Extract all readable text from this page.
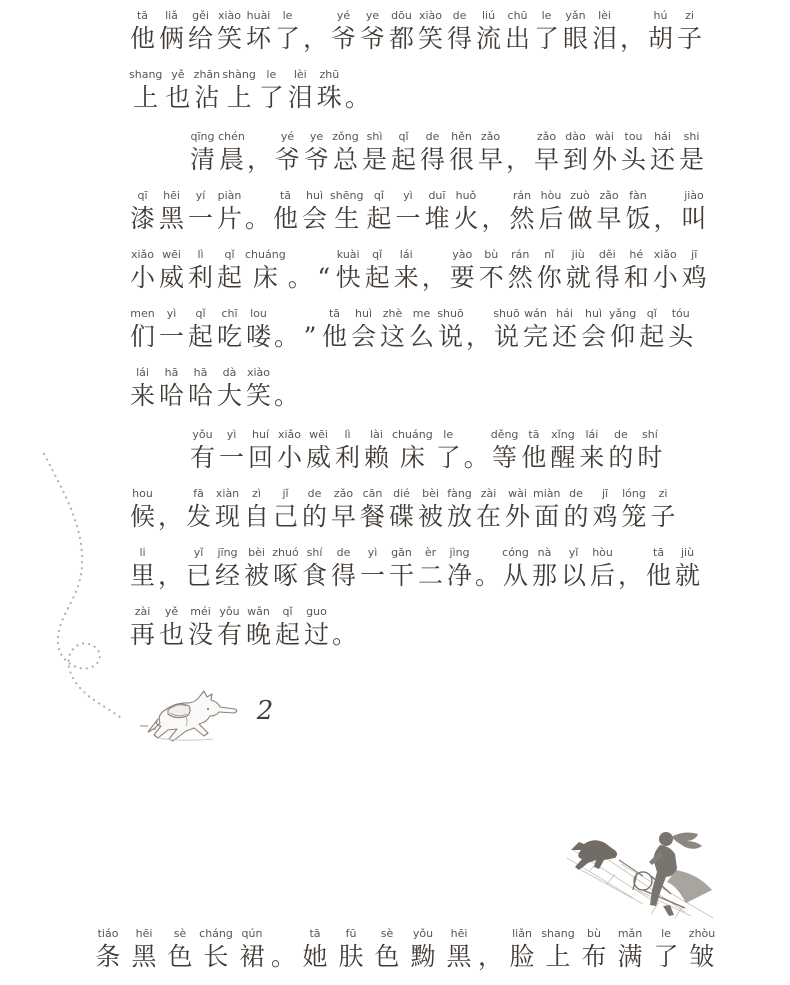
tā
他
liǎ
俩
gěi
给
xiào
笑
huài
坏
le
了 ，
yé
爷
ye
爷
dōu
都
xiào
笑
de
得
liú
流
chū
出
le
了
yǎn
眼
lèi
泪 ，
hú
胡
zi
子
shang
上
yě
也
zhān
沾
shàng
上
le
了
lèi
泪
zhū
珠 。
qīng
清
chén
晨 ，
yé
爷
ye
爷
zǒng
总
shì
是
qǐ
起
de
得
hěn
很
zǎo
早 ，
zǎo
早
dào
到
wài
外
tou
头
hái
还
shi
是
qī
漆
hēi
黑
yí
一
piàn
片 。
tā
他
huì
会
shēng
生
qǐ
起
yì
一
duī
堆
huǒ
火 ，
rán
然
hòu
后
zuò
做
zǎo
早
fàn
饭 ，
jiào
叫
xiǎo
小
wēi
威
lì
利
qǐ
起
chuáng
床 。 “
kuài
快
qǐ
起
lái
来 ，
yào
要
bù
不
rán
然
nǐ
你
jiù
就
děi
得
hé
和
xiǎo
小
jī
鸡
men
们
yì
一
qǐ
起
chī
吃
lou
喽 。 ”
tā
他
huì
会
zhè
这
me
么
shuō
说 ，
shuō
说
wán
完
hái
还
huì
会
yǎng
仰
qǐ
起
tóu
头
lái
来
hā
哈
hā
哈
dà
大
xiào
笑 。
yǒu
有
yì
一
huí
回
xiǎo
小
wēi
威
lì
利
lài
赖
chuáng
床
le
了 。
děng
等
tā
他
xǐng
醒
lái
来
de
的
shí
时
hou
候 ，
fā
发
xiàn
现
zì
自
jǐ
己
de
的
zǎo
早
cān
餐
dié
碟
bèi
被
fàng
放
zài
在
wài
外
miàn
面
de
的
jī
鸡
lóng
笼
zi
子
li
里 ，
yǐ
已
jīng
经
bèi
被
zhuó
啄
shí
食
de
得
yì
一
gān
干
èr
二
jìng
净 。
cóng
从
nà
那
yǐ
以
hòu
后 ，
tā
他
jiù
就
zài
再
yě
也
méi
没
yǒu
有
wǎn
晚
qǐ
起
guo
过 。
2
tiáo
条
hēi
黑
sè
色
cháng
长
qún
裙 。
tā
她
fū
肤
sè
色
yǒu
黝
hēi
黑 ，
liǎn
脸
shang
上
bù
布
mǎn
满
le
了
zhòu
皱
